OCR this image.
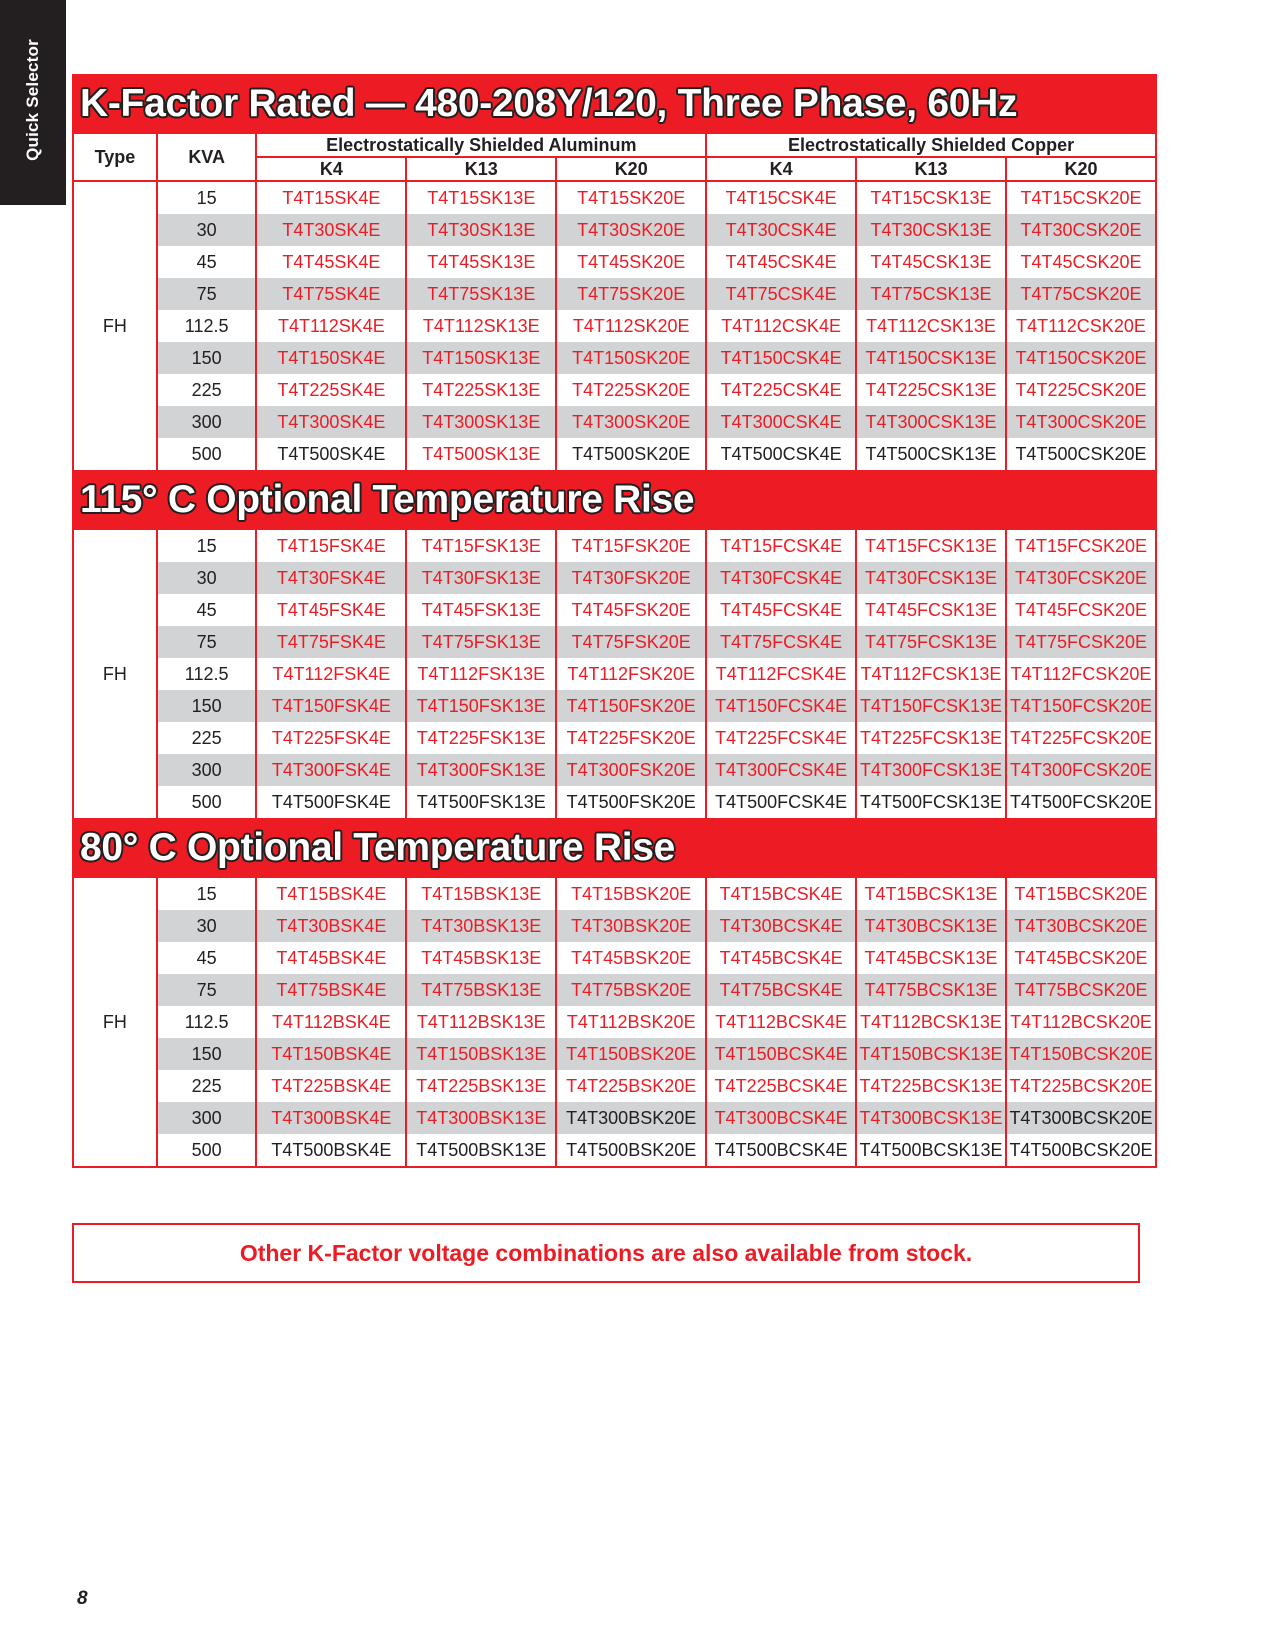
Quick Selector K-Factor Rated — 480-208Y/120, Three Phase, 60Hz							
Type	KVA	Electrostatically Shielded Aluminum			Electrostatically Shielded Copper		
		K4	K13	K20	K4	K13	K20
FH	15	T4T15SK4E	T4T15SK13E	T4T15SK20E	T4T15CSK4E	T4T15CSK13E	T4T15CSK20E
	30	T4T30SK4E	T4T30SK13E	T4T30SK20E	T4T30CSK4E	T4T30CSK13E	T4T30CSK20E
	45	T4T45SK4E	T4T45SK13E	T4T45SK20E	T4T45CSK4E	T4T45CSK13E	T4T45CSK20E
	75	T4T75SK4E	T4T75SK13E	T4T75SK20E	T4T75CSK4E	T4T75CSK13E	T4T75CSK20E
	112.5	T4T112SK4E	T4T112SK13E	T4T112SK20E	T4T112CSK4E	T4T112CSK13E	T4T112CSK20E
	150	T4T150SK4E	T4T150SK13E	T4T150SK20E	T4T150CSK4E	T4T150CSK13E	T4T150CSK20E
	225	T4T225SK4E	T4T225SK13E	T4T225SK20E	T4T225CSK4E	T4T225CSK13E	T4T225CSK20E
	300	T4T300SK4E	T4T300SK13E	T4T300SK20E	T4T300CSK4E	T4T300CSK13E	T4T300CSK20E
	500	T4T500SK4E	T4T500SK13E	T4T500SK20E	T4T500CSK4E	T4T500CSK13E	T4T500CSK20E
115° C Optional Temperature Rise							
FH	15	T4T15FSK4E	T4T15FSK13E	T4T15FSK20E	T4T15FCSK4E	T4T15FCSK13E	T4T15FCSK20E
	30	T4T30FSK4E	T4T30FSK13E	T4T30FSK20E	T4T30FCSK4E	T4T30FCSK13E	T4T30FCSK20E
	45	T4T45FSK4E	T4T45FSK13E	T4T45FSK20E	T4T45FCSK4E	T4T45FCSK13E	T4T45FCSK20E
	75	T4T75FSK4E	T4T75FSK13E	T4T75FSK20E	T4T75FCSK4E	T4T75FCSK13E	T4T75FCSK20E
	112.5	T4T112FSK4E	T4T112FSK13E	T4T112FSK20E	T4T112FCSK4E	T4T112FCSK13E	T4T112FCSK20E
	150	T4T150FSK4E	T4T150FSK13E	T4T150FSK20E	T4T150FCSK4E	T4T150FCSK13E	T4T150FCSK20E
	225	T4T225FSK4E	T4T225FSK13E	T4T225FSK20E	T4T225FCSK4E	T4T225FCSK13E	T4T225FCSK20E
	300	T4T300FSK4E	T4T300FSK13E	T4T300FSK20E	T4T300FCSK4E	T4T300FCSK13E	T4T300FCSK20E
	500	T4T500FSK4E	T4T500FSK13E	T4T500FSK20E	T4T500FCSK4E	T4T500FCSK13E	T4T500FCSK20E
80° C Optional Temperature Rise							
FH	15	T4T15BSK4E	T4T15BSK13E	T4T15BSK20E	T4T15BCSK4E	T4T15BCSK13E	T4T15BCSK20E
	30	T4T30BSK4E	T4T30BSK13E	T4T30BSK20E	T4T30BCSK4E	T4T30BCSK13E	T4T30BCSK20E
	45	T4T45BSK4E	T4T45BSK13E	T4T45BSK20E	T4T45BCSK4E	T4T45BCSK13E	T4T45BCSK20E
	75	T4T75BSK4E	T4T75BSK13E	T4T75BSK20E	T4T75BCSK4E	T4T75BCSK13E	T4T75BCSK20E
	112.5	T4T112BSK4E	T4T112BSK13E	T4T112BSK20E	T4T112BCSK4E	T4T112BCSK13E	T4T112BCSK20E
	150	T4T150BSK4E	T4T150BSK13E	T4T150BSK20E	T4T150BCSK4E	T4T150BCSK13E	T4T150BCSK20E
	225	T4T225BSK4E	T4T225BSK13E	T4T225BSK20E	T4T225BCSK4E	T4T225BCSK13E	T4T225BCSK20E
	300	T4T300BSK4E	T4T300BSK13E	T4T300BSK20E	T4T300BCSK4E	T4T300BCSK13E	T4T300BCSK20E
	500	T4T500BSK4E	T4T500BSK13E	T4T500BSK20E	T4T500BCSK4E	T4T500BCSK13E	T4T500BCSK20E
Other K-Factor voltage combinations are also available from stock.
8
